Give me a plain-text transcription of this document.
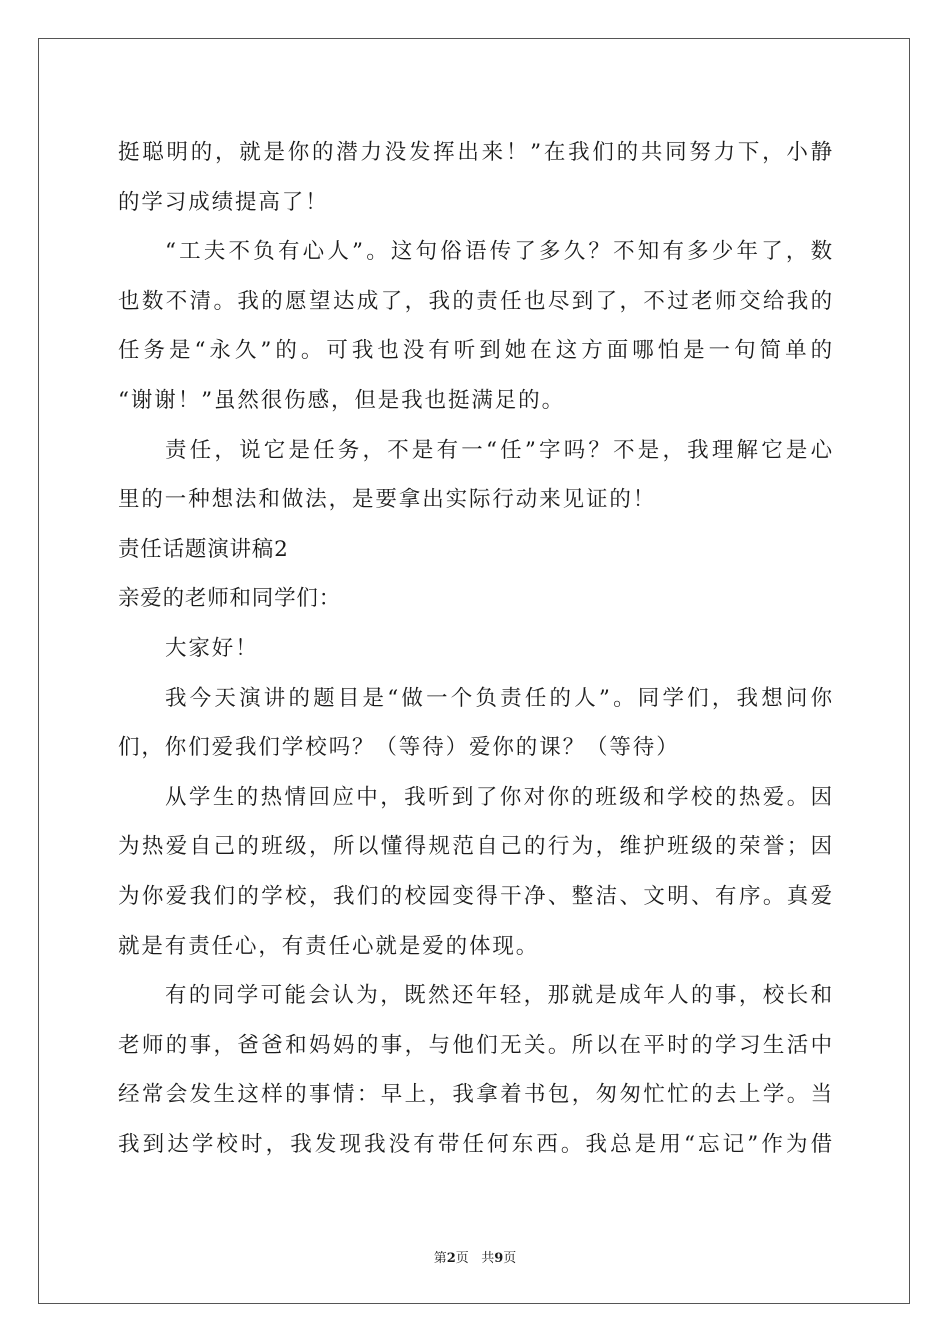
挺聪明的，就是你的潜力没发挥出来！”在我们的共同努力下，小静
的学习成绩提高了！
“工夫不负有心人”。这句俗语传了多久？不知有多少年了，数
也数不清。我的愿望达成了，我的责任也尽到了，不过老师交给我的
任务是“永久”的。可我也没有听到她在这方面哪怕是一句简单的
“谢谢！”虽然很伤感，但是我也挺满足的。
责任，说它是任务，不是有一“任”字吗？不是，我理解它是心
里的一种想法和做法，是要拿出实际行动来见证的！
责任话题演讲稿2
亲爱的老师和同学们：
大家好！
我今天演讲的题目是“做一个负责任的人”。同学们，我想问你
们，你们爱我们学校吗？（等待）爱你的课？（等待）
从学生的热情回应中，我听到了你对你的班级和学校的热爱。因
为热爱自己的班级，所以懂得规范自己的行为，维护班级的荣誉；因
为你爱我们的学校，我们的校园变得干净、整洁、文明、有序。真爱
就是有责任心，有责任心就是爱的体现。
有的同学可能会认为，既然还年轻，那就是成年人的事，校长和
老师的事，爸爸和妈妈的事，与他们无关。所以在平时的学习生活中
经常会发生这样的事情：早上，我拿着书包，匆匆忙忙的去上学。当
我到达学校时，我发现我没有带任何东西。我总是用“忘记”作为借
第2页 共9页
